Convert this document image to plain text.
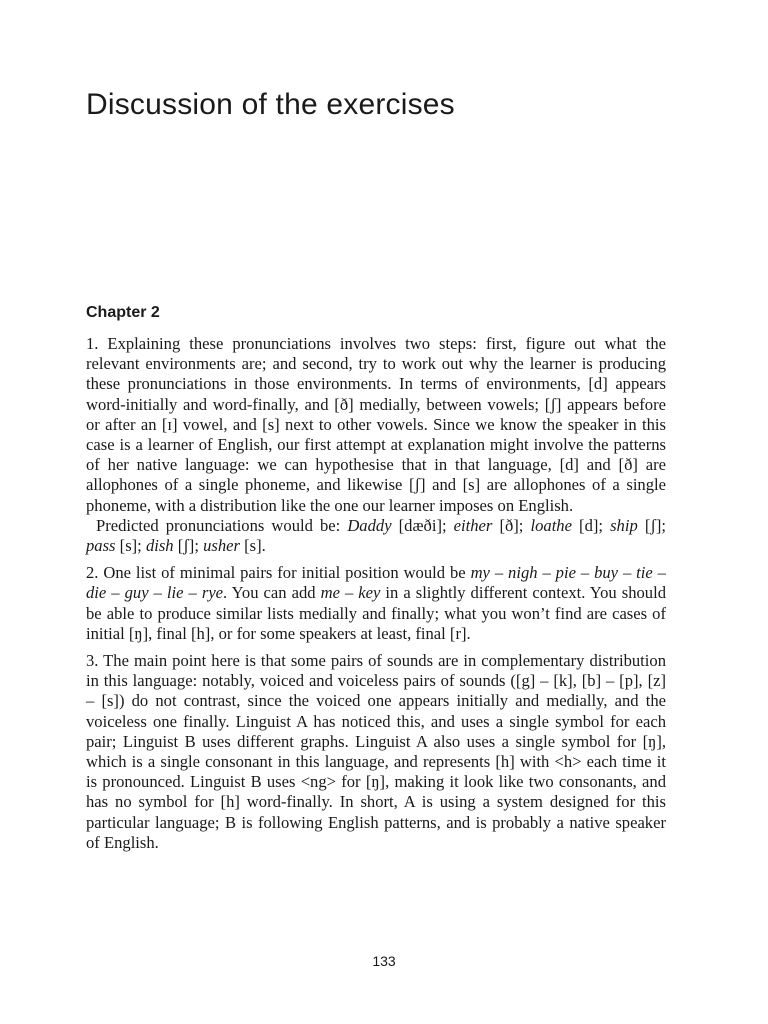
Discussion of the exercises
Chapter 2

1. Explaining these pronunciations involves two steps: first, figure out what the relevant environments are; and second, try to work out why the learner is producing these pronunciations in those environments. In terms of environments, [d] appears word-initially and word-finally, and [ð] medially, between vowels; [ʃ] appears before or after an [ɪ] vowel, and [s] next to other vowels. Since we know the speaker in this case is a learner of English, our first attempt at explanation might involve the patterns of her native language: we can hypothesise that in that language, [d] and [ð] are allophones of a single phoneme, and likewise [ʃ] and [s] are allophones of a single phoneme, with a distribution like the one our learner imposes on English.

Predicted pronunciations would be: Daddy [dæði]; either [ð]; loathe [d]; ship [ʃ]; pass [s]; dish [ʃ]; usher [s].

2. One list of minimal pairs for initial position would be my – nigh – pie – buy – tie – die – guy – lie – rye. You can add me – key in a slightly different context. You should be able to produce similar lists medially and finally; what you won’t find are cases of initial [ŋ], final [h], or for some speakers at least, final [r].

3. The main point here is that some pairs of sounds are in complementary distribution in this language: notably, voiced and voiceless pairs of sounds ([g] – [k], [b] – [p], [z] – [s]) do not contrast, since the voiced one appears initially and medially, and the voiceless one finally. Linguist A has noticed this, and uses a single symbol for each pair; Linguist B uses different graphs. Linguist A also uses a single symbol for [ŋ], which is a single consonant in this language, and represents [h] with <h> each time it is pronounced. Linguist B uses <ng> for [ŋ], making it look like two consonants, and has no symbol for [h] word-finally. In short, A is using a system designed for this particular language; B is following English patterns, and is probably a native speaker of English.

133
